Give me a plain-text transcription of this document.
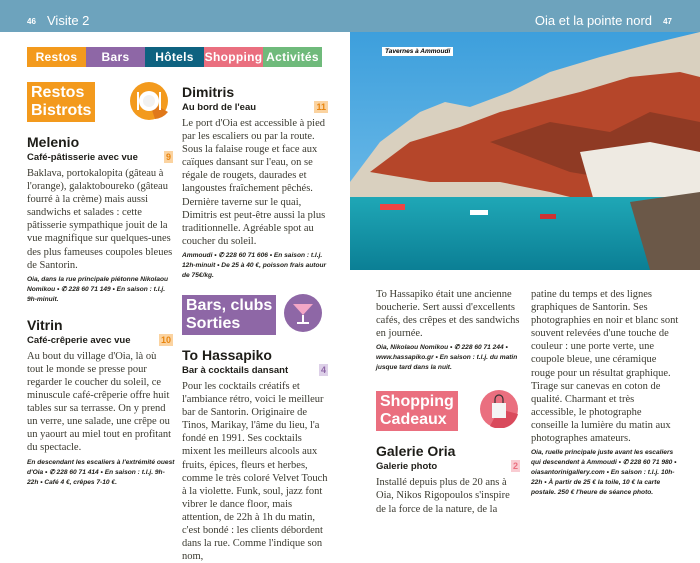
46 Visite 2	Oia et la pointe nord 47
Restos	Bars	Hôtels Shopping Activités
Restos
Bistrots
Melenio
Café-pâtisserie avec vue	9
Baklava, portokalopita (gâteau à l'orange), galaktoboureko (gâteau fourré à la crème) mais aussi sandwichs et salades : cette pâtisserie sympathique jouit de la vue magnifique sur quelques-unes des plus fameuses coupoles bleues de Santorin.
Oia, dans la rue principale piétonne Nikolaou Nomikou • ✆ 228 60 71 149 • En saison : t.l.j. 9h-minuit.
Vitrin
Café-crêperie avec vue	10
Au bout du village d'Oia, là où tout le monde se presse pour regarder le coucher du soleil, ce minuscule café-crêperie offre huit tables sur sa terrasse. On y prend un verre, une salade, une crêpe ou un yaourt au miel tout en profitant du spectacle.
En descendant les escaliers à l'extrémité ouest d'Oia • ✆ 228 60 71 414 • En saison : t.l.j. 9h-22h • Café 4 €, crêpes 7-10 €.
Dimitris
Au bord de l'eau	11
Le port d'Oia est accessible à pied par les escaliers ou par la route. Sous la falaise rouge et face aux caïques dansant sur l'eau, on se régale de rougets, daurades et langoustes fraîchement pêchés. Dernière taverne sur le quai, Dimitris est peut-être aussi la plus traditionnelle. Agréable spot au coucher du soleil.
Ammoudi • ✆ 228 60 71 606 • En saison : t.l.j. 12h-minuit • De 25 à 40 €, poisson frais autour de 75€/kg.
Bars, clubs
Sorties
To Hassapiko
Bar à cocktails dansant	4
Pour les cocktails créatifs et l'ambiance rétro, voici le meilleur bar de Santorin. Originaire de Tinos, Marikay, l'âme du lieu, l'a fondé en 1991. Ses cocktails mixent les meilleurs alcools aux fruits, épices, fleurs et herbes, comme le très coloré Velvet Touch à la violette. Funk, soul, jazz font vibrer le dance floor, mais attention, de 22h à 1h du matin, c'est bondé : les clients débordent dans la rue. Comme l'indique son nom,
Tavernes à Ammoudi
To Hassapiko était une ancienne boucherie. Sert aussi d'excellents cafés, des crêpes et des sandwichs en journée.
Oia, Nikolaou Nomikou • ✆ 228 60 71 244 • www.hassapiko.gr • En saison : t.l.j. du matin jusque tard dans la nuit.
Shopping
Cadeaux
Galerie Oria
Galerie photo	2
Installé depuis plus de 20 ans à Oia, Nikos Rigopoulos s'inspire de la force de la nature, de la
patine du temps et des lignes graphiques de Santorin. Ses photographies en noir et blanc sont souvent relevées d'une touche de couleur : une porte verte, une coupole bleue, une céramique rouge pour un résultat graphique. Tirage sur canevas en coton de qualité. Charmant et très accessible, le photographe conseille la lumière du matin aux photographes amateurs.
Oia, ruelle principale juste avant les escaliers qui descendent à Ammoudi • ✆ 228 60 71 980 • oiasantorinigallery.com • En saison : t.l.j. 10h-22h • À partir de 25 € la toile, 10 € la carte postale. 250 € l'heure de séance photo.
